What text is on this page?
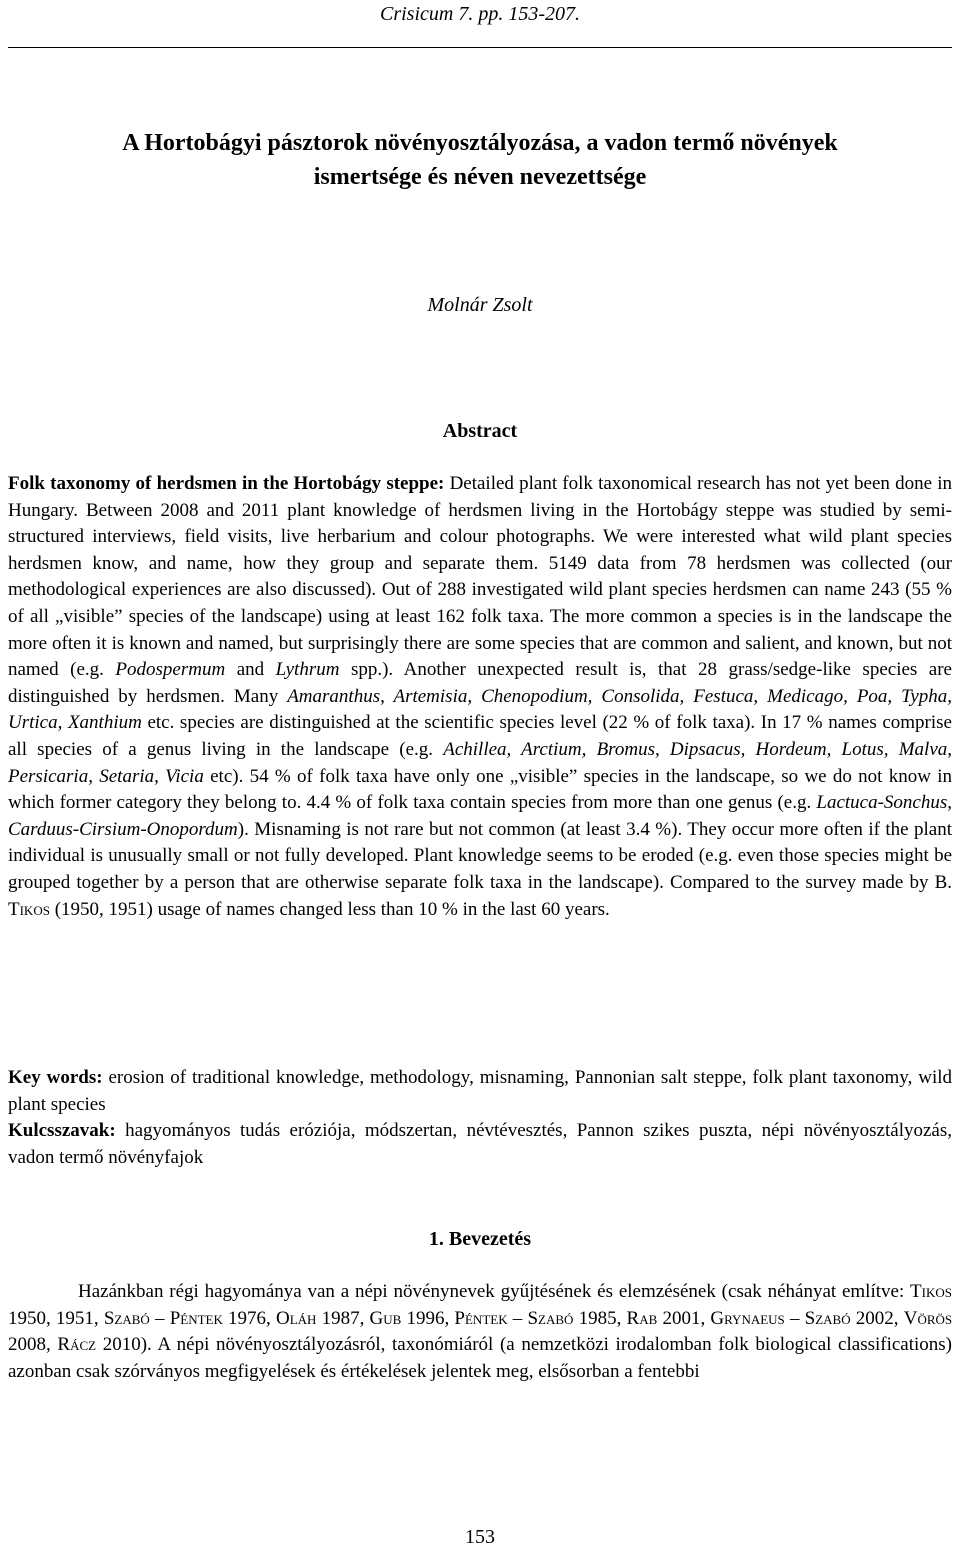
Crisicum 7. pp. 153-207.
A Hortobágyi pásztorok növényosztályozása, a vadon termő növények
ismertsége és néven nevezettsége
Molnár Zsolt
Abstract

Folk taxonomy of herdsmen in the Hortobágy steppe: Detailed plant folk taxonomical research has not yet been done in Hungary. Between 2008 and 2011 plant knowledge of herdsmen living in the Hortobágy steppe was studied by semi-structured interviews, field visits, live herbarium and colour photographs. We were interested what wild plant species herdsmen know, and name, how they group and separate them. 5149 data from 78 herdsmen was collected (our methodological experiences are also discussed). Out of 288 investigated wild plant species herdsmen can name 243 (55 % of all „visible” species of the landscape) using at least 162 folk taxa. The more common a species is in the landscape the more often it is known and named, but surprisingly there are some species that are common and salient, and known, but not named (e.g. Podospermum and Lythrum spp.). Another unexpected result is, that 28 grass/sedge-like species are distinguished by herdsmen. Many Amaranthus, Artemisia, Chenopodium, Consolida, Festuca, Medicago, Poa, Typha, Urtica, Xanthium etc. species are distinguished at the scientific species level (22 % of folk taxa). In 17 % names comprise all species of a genus living in the landscape (e.g. Achillea, Arctium, Bromus, Dipsacus, Hordeum, Lotus, Malva, Persicaria, Setaria, Vicia etc). 54 % of folk taxa have only one „visible” species in the landscape, so we do not know in which former category they belong to. 4.4 % of folk taxa contain species from more than one genus (e.g. Lactuca-Sonchus, Carduus-Cirsium-Onopordum). Misnaming is not rare but not common (at least 3.4 %). They occur more often if the plant individual is unusually small or not fully developed. Plant knowledge seems to be eroded (e.g. even those species might be grouped together by a person that are otherwise separate folk taxa in the landscape). Compared to the survey made by B. Tikos (1950, 1951) usage of names changed less than 10 % in the last 60 years.

Key words: erosion of traditional knowledge, methodology, misnaming, Pannonian salt steppe, folk plant taxonomy, wild plant species

Kulcsszavak: hagyományos tudás eróziója, módszertan, névtévesztés, Pannon szikes puszta, népi növényosztályozás, vadon termő növényfajok

1. Bevezetés

Hazánkban régi hagyománya van a népi növénynevek gyűjtésének és elemzésének (csak néhányat említve: Tikos 1950, 1951, Szabó – Péntek 1976, Oláh 1987, Gub 1996, Péntek – Szabó 1985, Rab 2001, Grynaeus – Szabó 2002, Vörös 2008, Rácz 2010). A népi növényosztályozásról, taxonómiáról (a nemzetközi irodalomban folk biological classifications) azonban csak szórványos megfigyelések és értékelések jelentek meg, elsősorban a fentebbi

153
